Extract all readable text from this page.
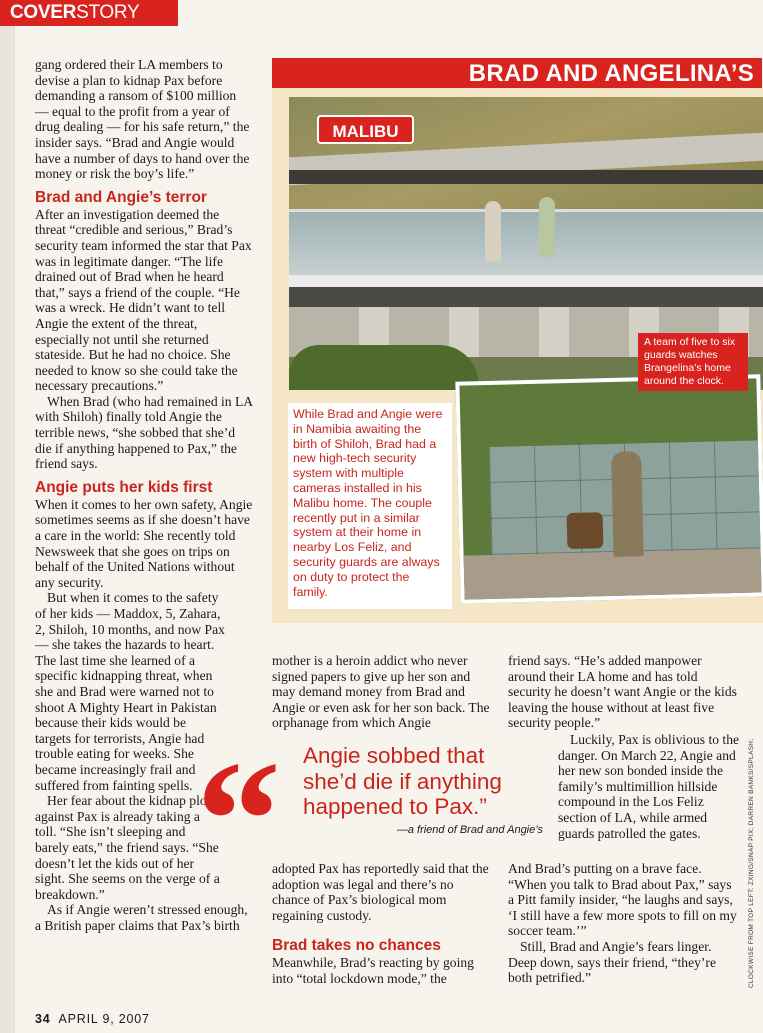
COVERSTORY

gang ordered their LA members to devise a plan to kidnap Pax before demanding a ransom of $100 million — equal to the profit from a year of drug dealing — for his safe return,” the insider says. “Brad and Angie would have a number of days to hand over the money or risk the boy’s life.”

Brad and Angie’s terror

After an investigation deemed the threat “credible and serious,” Brad’s security team informed the star that Pax was in legitimate danger. “The life drained out of Brad when he heard that,” says a friend of the couple. “He was a wreck. He didn’t want to tell Angie the extent of the threat, especially not until she returned stateside. But he had no choice. She needed to know so she could take the necessary precautions.”

When Brad (who had remained in LA with Shiloh) finally told Angie the terrible news, “she sobbed that she’d die if anything happened to Pax,” the friend says.

Angie puts her kids first

When it comes to her own safety, Angie sometimes seems as if she doesn’t have a care in the world: She recently told Newsweek that she goes on trips on behalf of the United Nations without any security.

But when it comes to the safety of her kids — Maddox, 5, Zahara, 2, Shiloh, 10 months, and now Pax — she takes the hazards to heart. The last time she learned of a specific kidnapping threat, when she and Brad were warned not to shoot A Mighty Heart in Pakistan because their kids would be targets for terrorists, Angie had trouble eating for weeks. She became increasingly frail and suffered from fainting spells.

Her fear about the kidnap plot against Pax is already taking a toll. “She isn’t sleeping and barely eats,” the friend says. “She doesn’t let the kids out of her sight. She seems on the verge of a breakdown.”

As if Angie weren’t stressed enough, a British paper claims that Pax’s birth

BRAD AND ANGELINA’S
MALIBU
A team of five to six guards watches Brangelina’s home around the clock.
While Brad and Angie were in Namibia awaiting the birth of Shiloh, Brad had a new high-tech security system with multiple cameras installed in his Malibu home. The couple recently put in a similar system at their home in nearby Los Feliz, and security guards are always on duty to protect the family.

mother is a heroin addict who never signed papers to give up her son and may demand money from Brad and Angie or even ask for her son back. The orphanage from which Angie

“ Angie sobbed that she’d die if anything happened to Pax.”
—a friend of Brad and Angie’s

adopted Pax has reportedly said that the adoption was legal and there’s no chance of Pax’s biological mom regaining custody.

Brad takes no chances

Meanwhile, Brad’s reacting by going into “total lockdown mode,” the

friend says. “He’s added manpower around their LA home and has told security he doesn’t want Angie or the kids leaving the house without at least five security people.”

Luckily, Pax is oblivious to the danger. On March 22, Angie and her new son bonded inside the family’s multimillion hillside compound in the Los Feliz section of LA, while armed guards patrolled the gates.

And Brad’s putting on a brave face. “When you talk to Brad about Pax,” says a Pitt family insider, “he laughs and says, ‘I still have a few more spots to fill on my soccer team.’”

Still, Brad and Angie’s fears linger. Deep down, says their friend, “they’re both petrified.”	CLOCKWISE FROM TOP LEFT: ZXING/SNAP PIX; DARREN BANKS/SPLASH;
34 APRIL 9, 2007
